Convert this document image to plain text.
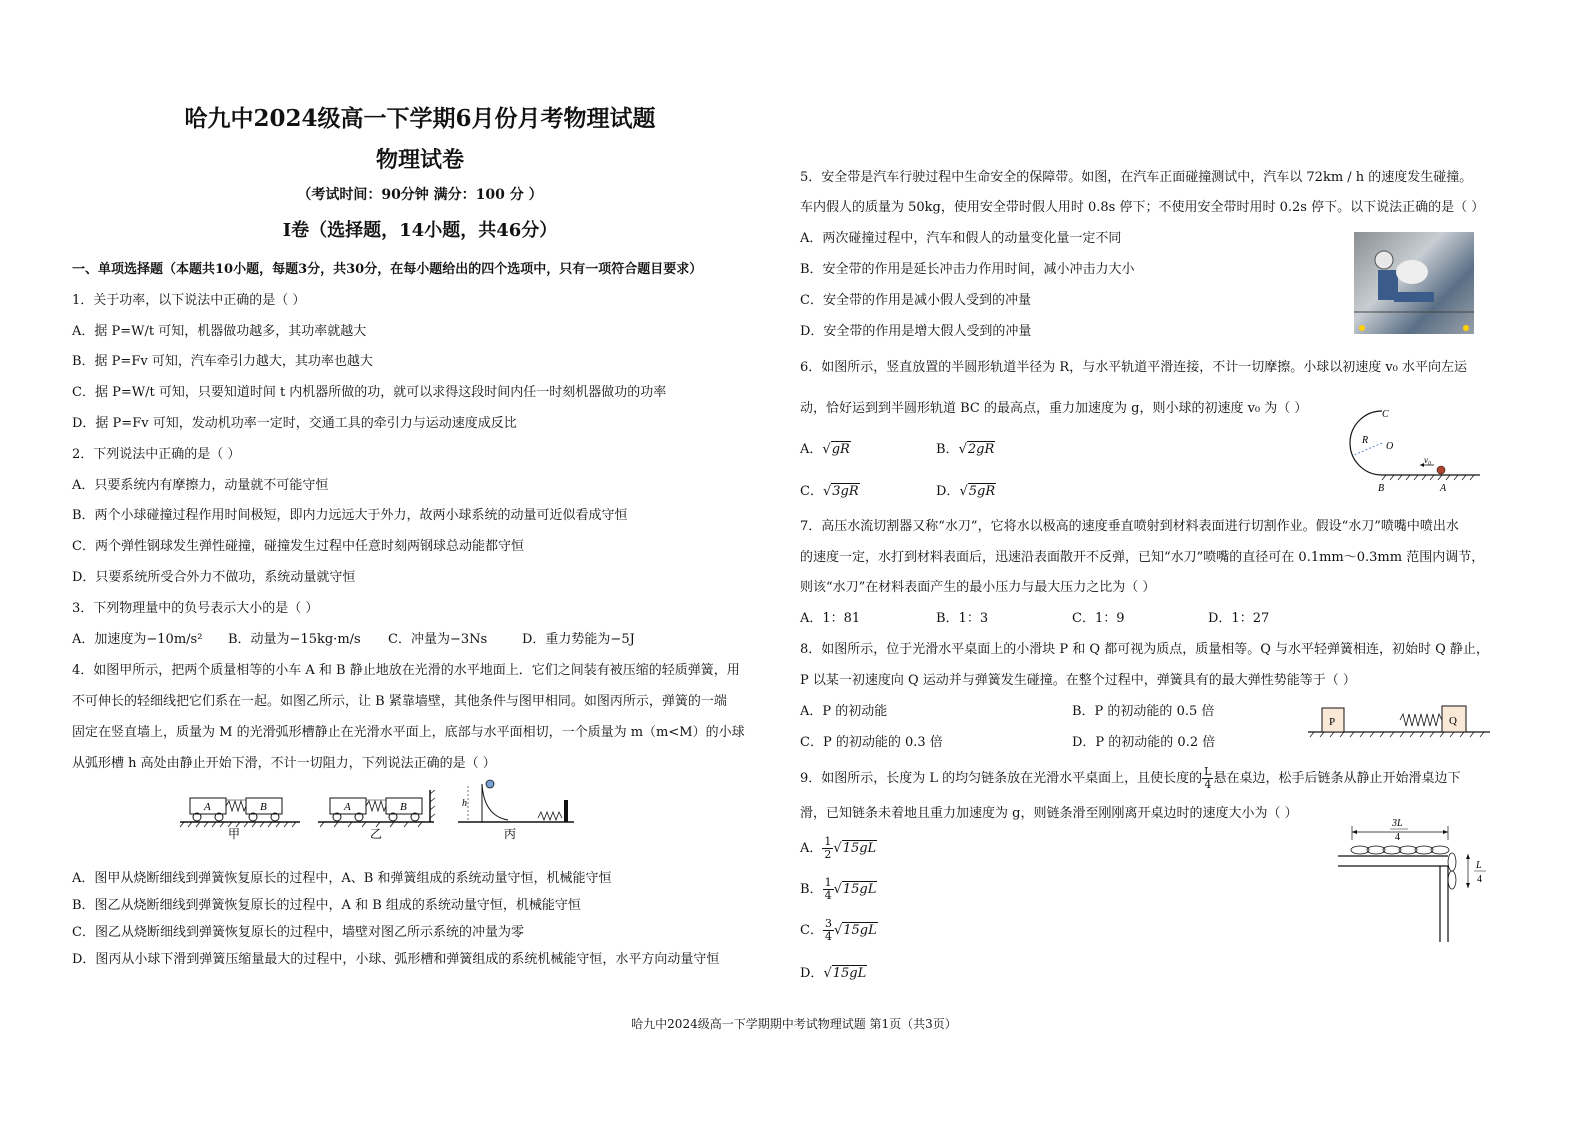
哈九中2024级高一下学期6月份月考物理试题
物理试卷
（考试时间：90分钟 满分：100 分 ）
I卷（选择题，14小题，共46分）
一、单项选择题（本题共10小题，每题3分，共30分，在每小题给出的四个选项中，只有一项符合题目要求）
1．关于功率，以下说法中正确的是（ ）
A．据 P=W/t 可知，机器做功越多，其功率就越大
B．据 P=Fv 可知，汽车牵引力越大，其功率也越大
C．据 P=W/t 可知，只要知道时间 t 内机器所做的功，就可以求得这段时间内任一时刻机器做功的功率
D．据 P=Fv 可知，发动机功率一定时，交通工具的牵引力与运动速度成反比
2．下列说法中正确的是（ ）
A．只要系统内有摩擦力，动量就不可能守恒
B．两个小球碰撞过程作用时间极短，即内力远远大于外力，故两小球系统的动量可近似看成守恒
C．两个弹性钢球发生弹性碰撞，碰撞发生过程中任意时刻两钢球总动能都守恒
D．只要系统所受合外力不做功，系统动量就守恒
3．下列物理量中的负号表示大小的是（ ）
A．加速度为−10m/s² B．动量为−15kg·m/s C．冲量为−3Ns	D．重力势能为−5J
4．如图甲所示，把两个质量相等的小车 A 和 B 静止地放在光滑的水平地面上．它们之间装有被压缩的轻质弹簧，用
不可伸长的轻细线把它们系在一起。如图乙所示，让 B 紧靠墙壁，其他条件与图甲相同。如图丙所示，弹簧的一端
固定在竖直墙上，质量为 M 的光滑弧形槽静止在光滑水平面上，底部与水平面相切，一个质量为 m（m<M）的小球
从弧形槽 h 高处由静止开始下滑，不计一切阻力，下列说法正确的是（ ）
A	B
甲
A	B
乙
h
丙
A．图甲从烧断细线到弹簧恢复原长的过程中，A、B 和弹簧组成的系统动量守恒，机械能守恒
B．图乙从烧断细线到弹簧恢复原长的过程中，A 和 B 组成的系统动量守恒，机械能守恒
C．图乙从烧断细线到弹簧恢复原长的过程中，墙壁对图乙所示系统的冲量为零
D．图丙从小球下滑到弹簧压缩量最大的过程中，小球、弧形槽和弹簧组成的系统机械能守恒，水平方向动量守恒
5．安全带是汽车行驶过程中生命安全的保障带。如图，在汽车正面碰撞测试中，汽车以 72km / h 的速度发生碰撞。
车内假人的质量为 50kg，使用安全带时假人用时 0.8s 停下；不使用安全带时用时 0.2s 停下。以下说法正确的是（ ）
A．两次碰撞过程中，汽车和假人的动量变化量一定不同
B．安全带的作用是延长冲击力作用时间，减小冲击力大小
C．安全带的作用是减小假人受到的冲量
D．安全带的作用是增大假人受到的冲量
6．如图所示，竖直放置的半圆形轨道半径为 R，与水平轨道平滑连接，不计一切摩擦。小球以初速度 v₀ 水平向左运
动，恰好运到到半圆形轨道 BC 的最高点，重力加速度为 g，则小球的初速度 v₀ 为（ ）
A．√gR	B．√2gR
C．√3gR	D．√5gR
C
R
O
v₀
B	A
7．高压水流切割器又称“水刀”，它将水以极高的速度垂直喷射到材料表面进行切割作业。假设“水刀”喷嘴中喷出水
的速度一定，水打到材料表面后，迅速沿表面散开不反弹，已知“水刀”喷嘴的直径可在 0.1mm～0.3mm 范围内调节，
则该“水刀”在材料表面产生的最小压力与最大压力之比为（ ）
A．1：81	B．1：3	C．1：9	D．1：27
8．如图所示，位于光滑水平桌面上的小滑块 P 和 Q 都可视为质点，质量相等。Q 与水平轻弹簧相连，初始时 Q 静止，
P 以某一初速度向 Q 运动并与弹簧发生碰撞。在整个过程中，弹簧具有的最大弹性势能等于（ ）
A．P 的初动能	B．P 的初动能的 0.5 倍
C．P 的初动能的 0.3 倍	D．P 的初动能的 0.2 倍
P	Q
9．如图所示，长度为 L 的均匀链条放在光滑水平桌面上，且使长度的 $\frac{L}{4}$ 悬在桌边，松手后链条从静止开始滑桌边下
滑，已知链条未着地且重力加速度为 g，则链条滑至刚刚离开桌边时的速度大小为（ ）
A． $\frac{1}{2} √15gL$
B． $\frac{1}{4} √15gL$
C． $\frac{3}{4} √15gL$
D．√15gL
3L
4
L
4
哈九中2024级高一下学期期中考试物理试题 第1页（共3页）
